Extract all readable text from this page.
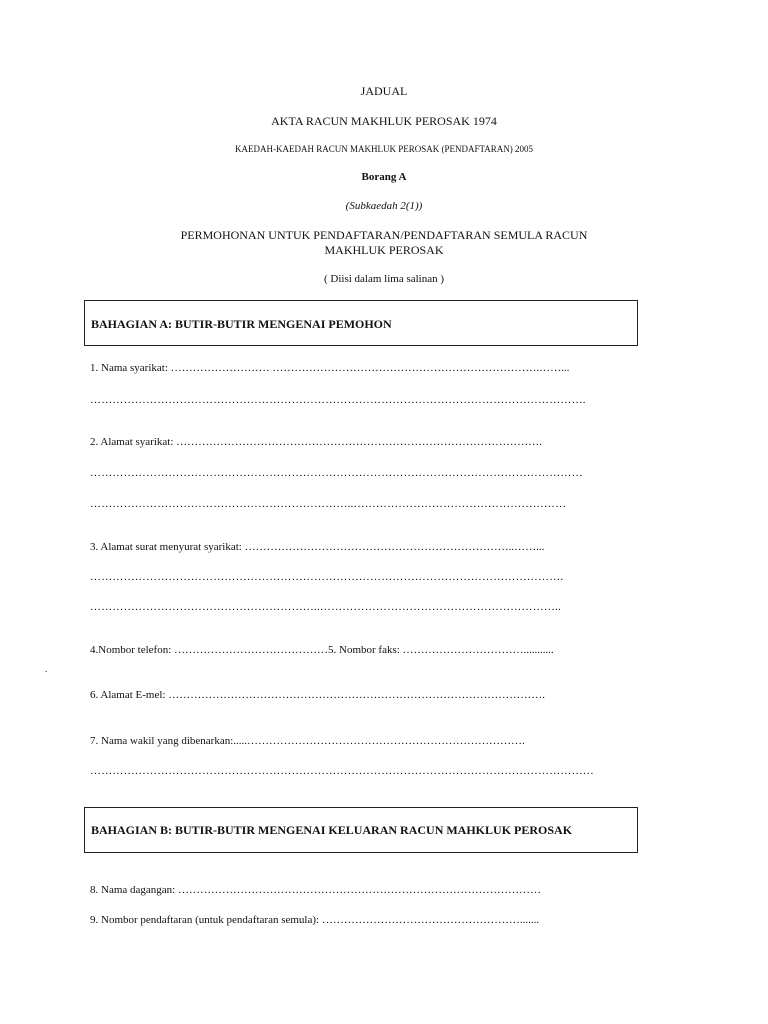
JADUAL
AKTA RACUN MAKHLUK PEROSAK 1974
KAEDAH-KAEDAH RACUN MAKHLUK PEROSAK (PENDAFTARAN) 2005
Borang A
(Subkaedah 2(1))
PERMOHONAN UNTUK PENDAFTARAN/PENDAFTARAN SEMULA RACUN
MAKHLUK PEROSAK
( Diisi dalam lima salinan )
BAHAGIAN A: BUTIR-BUTIR MENGENAI PEMOHON
1. Nama syarikat: ……………………… ……………………………………………………………….……...
…………………………………………………………………………………………………………………….
2. Alamat syarikat: ……………………………………………………………………………………….
……………………………………………………………………………………………………………………
……………………………………………………………..…………………………………………………
3. Alamat surat menyurat syarikat: ………………………………………………………………..……...
……………………………………………………………………………………………………………….
……………………………………………………..………………………………………………………..
4.Nombor telefon: ……………………………………5. Nombor faks: ……………………………...........
.
6. Alamat E-mel: ………………………………………………………………………………………….
7. Nama wakil yang dibenarkan:.....………………………………………………………………….
………………………………………………………………………………………………………………………
BAHAGIAN B: BUTIR-BUTIR MENGENAI KELUARAN RACUN MAHKLUK PEROSAK
8. Nama dagangan: ………………………………………………………………………………………
9. Nombor pendaftaran (untuk pendaftaran semula): ……………………………………………….......
